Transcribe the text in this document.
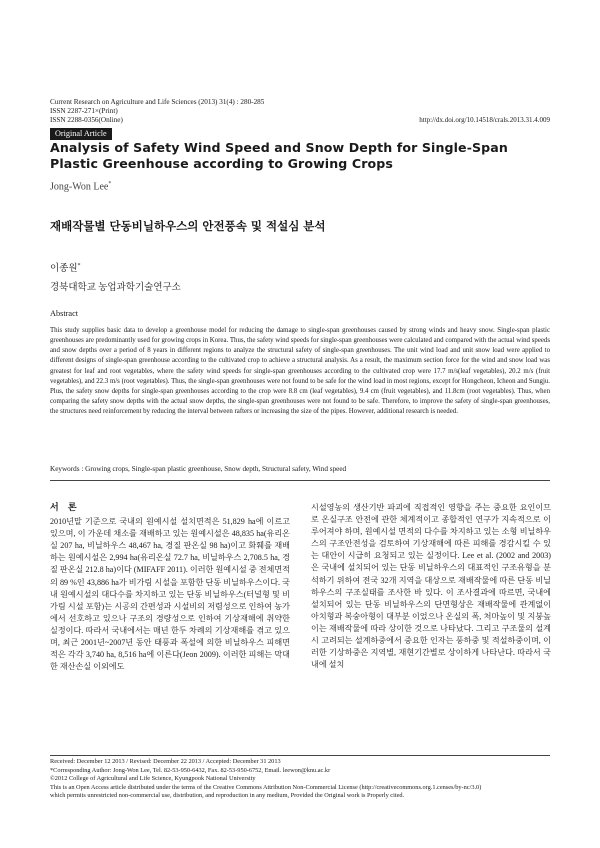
Current Research on Agriculture and Life Sciences (2013) 31(4) : 280-285
ISSN 2287-271×(Print)
ISSN 2288-0356(Online)	http://dx.doi.org/10.14518/crals.2013.31.4.009
Original Article
Analysis of Safety Wind Speed and Snow Depth for Single-Span Plastic Greenhouse according to Growing Crops
Jong-Won Lee*
재배작물별 단동비닐하우스의 안전풍속 및 적설심 분석
이종원*
경북대학교 농업과학기술연구소
Abstract
This study supplies basic data to develop a greenhouse model for reducing the damage to single-span greenhouses caused by strong winds and heavy snow. Single-span plastic greenhouses are predominantly used for growing crops in Korea. Thus, the safety wind speeds for single-span greenhouses were calculated and compared with the actual wind speeds and snow depths over a period of 8 years in different regions to analyze the structural safety of single-span greenhouses. The unit wind load and unit snow load were applied to different designs of single-span greenhouse according to the cultivated crop to achieve a structural analysis. As a result, the maximum section force for the wind and snow load was greatest for leaf and root vegetables, where the safety wind speeds for single-span greenhouses according to the cultivated crop were 17.7 m/s(leaf vegetables), 20.2 m/s (fruit vegetables), and 22.3 m/s (root vegetables). Thus, the single-span greenhouses were not found to be safe for the wind load in most regions, except for Hongcheon, Icheon and Sungju. Plus, the safety snow depths for single-span greenhouses according to the crop were 8.8 cm (leaf vegetables), 9.4 cm (fruit vegetables), and 11.8cm (root vegetables). Thus, when comparing the safety snow depths with the actual snow depths, the single-span greenhouses were not found to be safe. Therefore, to improve the safety of single-span greenhouses, the structures need reinforcement by reducing the interval between rafters or increasing the size of the pipes. However, additional research is needed.
Keywords : Growing crops, Single-span plastic greenhouse, Snow depth, Structural safety, Wind speed
서 론
2010년말 기준으로 국내의 원예시설 설치면적은 51,829 ha에 이르고 있으며, 이 가운데 채소를 재배하고 있는 원예시설은 48,835 ha(유리온실 207 ha, 비닐하우스 48,467 ha, 경질 판온실 98 ha)이고 화훼를 재배하는 원예시설은 2,994 ha(유리온실 72.7 ha, 비닐하우스 2,708.5 ha, 경질 판온실 212.8 ha)이다 (MIFAFF 2011). 이러한 원예시설 중 전체면적의 89 %인 43,886 ha가 비가림 시설을 포함한 단동 비닐하우스이다. 국내 원예시설의 대다수를 차지하고 있는 단동 비닐하우스(터널형 및 비가림 시설 포함)는 시공의 간편성과 시설비의 저렴성으로 인하여 농가에서 선호하고 있으나 구조의 경량성으로 인하여 기상재해에 취약한 실정이다. 따라서 국내에서는 매년 한두 차례의 기상재해를 겪고 있으며, 최근 2001년~2007년 동안 태풍과 폭설에 의한 비닐하우스 피해면적은 각각 3,740 ha, 8,516 ha에 이른다(Jeon 2009). 이러한 피해는 막대한 재산손실 이외에도
시설영농의 생산기반 파괴에 직접적인 영향을 주는 중요한 요인이므로 온실구조 안전에 관한 체계적이고 종합적인 연구가 지속적으로 이루어져야 하며, 원예시설 면적의 다수를 차지하고 있는 소형 비닐하우스의 구조안전성을 검토하여 기상재해에 따른 피해를 경감시킬 수 있는 대안이 시급히 요청되고 있는 실정이다. Lee et al. (2002 and 2003)은 국내에 설치되어 있는 단동 비닐하우스의 대표적인 구조유형을 분석하기 위하여 전국 32개 지역을 대상으로 재배작물에 따른 단동 비닐하우스의 구조실태를 조사한 바 있다. 이 조사결과에 따르면, 국내에 설치되어 있는 단동 비닐하우스의 단면형상은 재배작물에 관계없이 아치형과 복숭아형이 대부분 이었으나 온실의 폭, 처마높이 및 지붕높이는 재배작물에 따라 상이한 것으로 나타났다. 그리고 구조물의 설계 시 고려되는 설계하중에서 중요한 인자는 풍하중 및 적설하중이며, 이러한 기상하중은 지역별, 재현기간별로 상이하게 나타난다. 따라서 국내에 설치
Received: December 12 2013 / Revised: December 22 2013 / Accepted: December 31 2013
*Corresponding Author: Jong-Won Lee, Tel. 82-53-950-6432, Fax. 82-53-950-6752, Email. leewon@knu.ac.kr
©2012 College of Agricultural and Life Science, Kyungpook National University
This is an Open Access article distributed under the terms of the Creative Commons Attribution Non-Commercial License (http://creativecommons.org.1.censes/by-nc/3.0)
which permits unrestricted non-commercial use, distribution, and reproduction in any medium, Provided the Original work is Properly cited.
